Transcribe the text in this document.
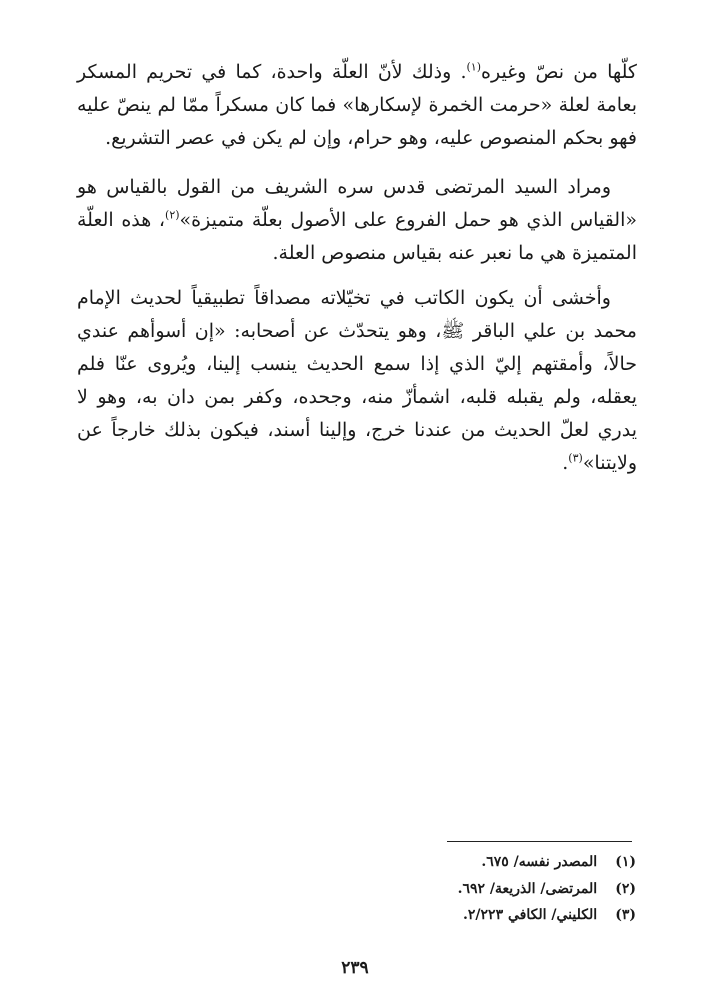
كلّها من نصّ وغيره$^{(١)}$. وذلك لأنّ العلّة واحدة، كما في تحريم المسكر بعامة لعلة «حرمت الخمرة لإسكارها» فما كان مسكراً ممّا لم ينصّ عليه فهو بحكم المنصوص عليه، وهو حرام، وإن لم يكن في عصر التشريع.

ومراد السيد المرتضى قدس سره الشريف من القول بالقياس هو «القياس الذي هو حمل الفروع على الأصول بعلّة متميزة»$^{(٢)}$، هذه العلّة المتميزة هي ما نعبر عنه بقياس منصوص العلة.

وأخشى أن يكون الكاتب في تخيّلاته مصداقاً تطبيقياً لحديث الإمام محمد بن علي الباقر ﷺ، وهو يتحدّث عن أصحابه: «إن أسوأهم عندي حالاً، وأمقتهم إليّ الذي إذا سمع الحديث ينسب إلينا، ويُروى عنّا فلم يعقله، ولم يقبله قلبه، اشمأزّ منه، وجحده، وكفر بمن دان به، وهو لا يدري لعلّ الحديث من عندنا خرج، وإلينا أسند، فيكون بذلك خارجاً عن ولايتنا»$^{(٣)}$.

(١) المصدر نفسه/ ٦٧٥.
(٢) المرتضى/ الذريعة/ ٦٩٢.
(٣) الكليني/ الكافي ٢/٢٢٣.
٢٣٩
